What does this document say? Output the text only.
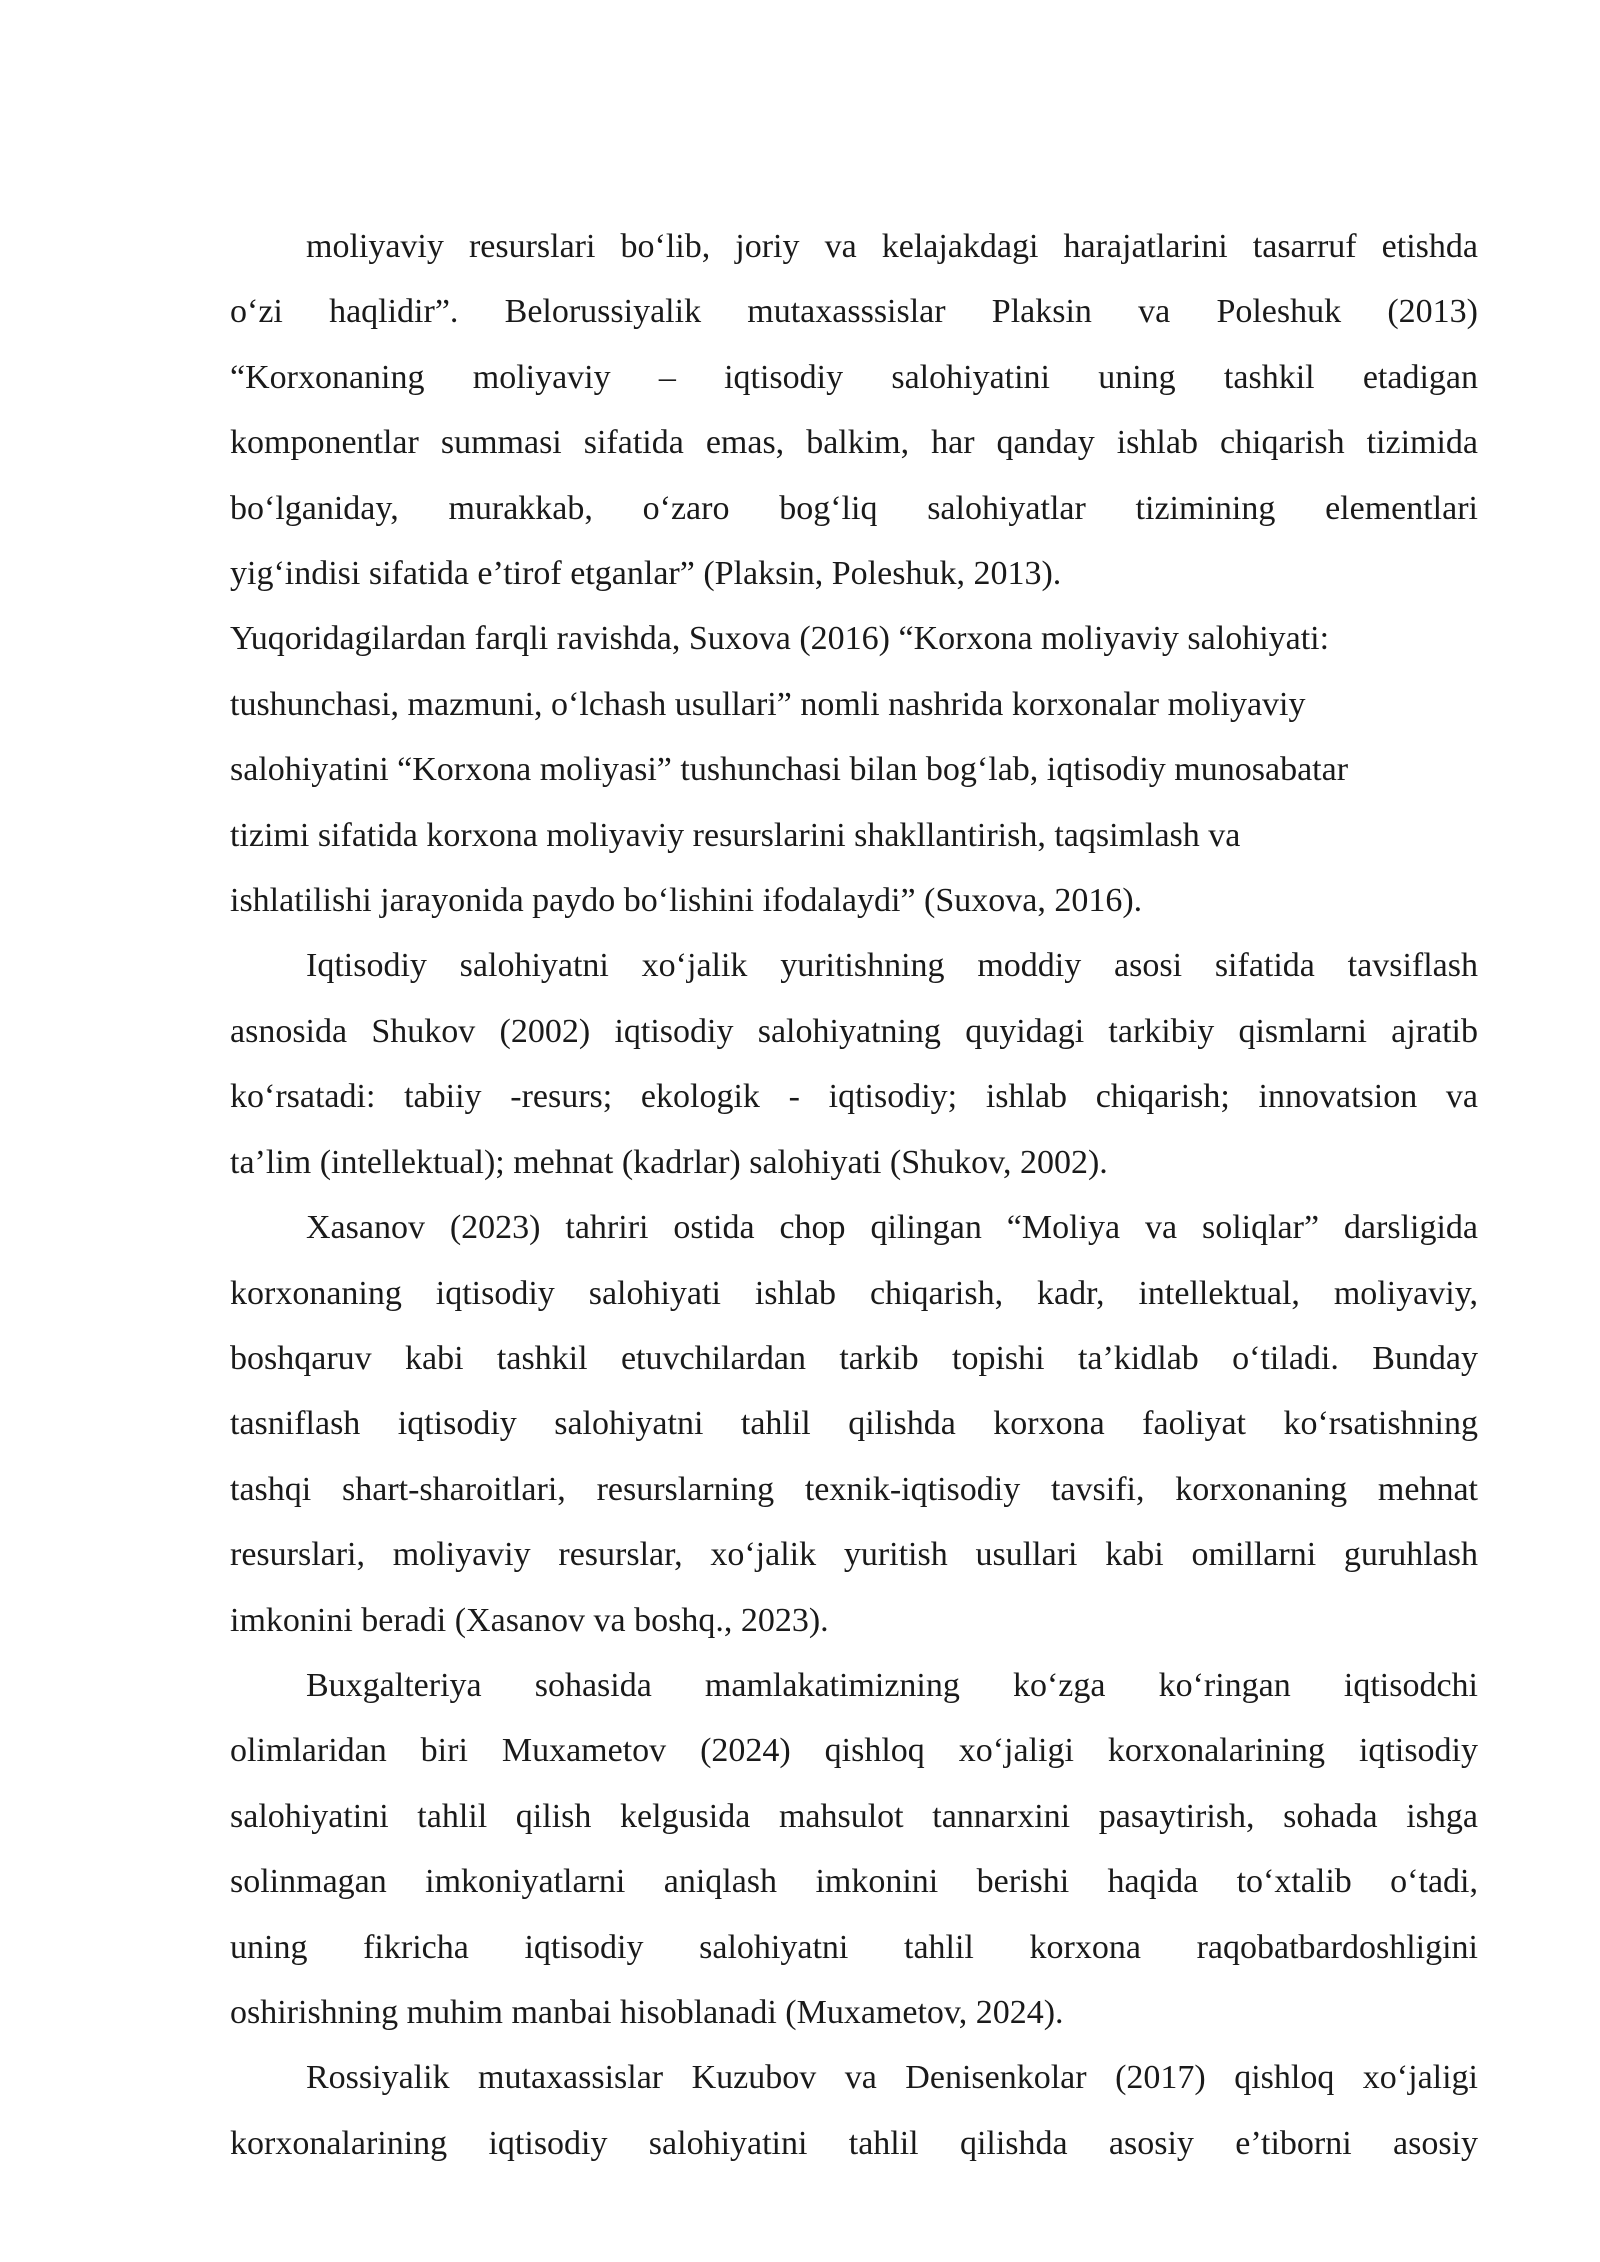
moliyaviy resurslari bo‘lib, joriy va kelajakdagi harajatlarini tasarruf etishda
o‘zi haqlidir”. Belorussiyalik mutaxasssislar Plaksin va Poleshuk (2013)
“Korxonaning moliyaviy – iqtisodiy salohiyatini uning tashkil etadigan
komponentlar summasi sifatida emas, balkim, har qanday ishlab chiqarish tizimida
bo‘lganiday, murakkab, o‘zaro bog‘liq salohiyatlar tizimining elementlari
yig‘indisi sifatida e’tirof etganlar” (Plaksin, Poleshuk, 2013).
Yuqoridagilardan farqli ravishda, Suxova (2016) “Korxona moliyaviy salohiyati:
tushunchasi, mazmuni, o‘lchash usullari” nomli nashrida korxonalar moliyaviy
salohiyatini “Korxona moliyasi” tushunchasi bilan bog‘lab, iqtisodiy munosabatar
tizimi sifatida korxona moliyaviy resurslarini shakllantirish, taqsimlash va
ishlatilishi jarayonida paydo bo‘lishini ifodalaydi” (Suxova, 2016).
Iqtisodiy salohiyatni xo‘jalik yuritishning moddiy asosi sifatida tavsiflash
asnosida Shukov (2002) iqtisodiy salohiyatning quyidagi tarkibiy qismlarni ajratib
ko‘rsatadi: tabiiy -resurs; ekologik - iqtisodiy; ishlab chiqarish; innovatsion va
ta’lim (intellektual); mehnat (kadrlar) salohiyati (Shukov, 2002).
Xasanov (2023) tahriri ostida chop qilingan “Moliya va soliqlar” darsligida
korxonaning iqtisodiy salohiyati ishlab chiqarish, kadr, intellektual, moliyaviy,
boshqaruv kabi tashkil etuvchilardan tarkib topishi ta’kidlab o‘tiladi. Bunday
tasniflash iqtisodiy salohiyatni tahlil qilishda korxona faoliyat ko‘rsatishning
tashqi shart-sharoitlari, resurslarning texnik-iqtisodiy tavsifi, korxonaning mehnat
resurslari, moliyaviy resurslar, xo‘jalik yuritish usullari kabi omillarni guruhlash
imkonini beradi (Xasanov va boshq., 2023).
Buxgalteriya sohasida mamlakatimizning ko‘zga ko‘ringan iqtisodchi
olimlaridan biri Muxametov (2024) qishloq xo‘jaligi korxonalarining iqtisodiy
salohiyatini tahlil qilish kelgusida mahsulot tannarxini pasaytirish, sohada ishga
solinmagan imkoniyatlarni aniqlash imkonini berishi haqida to‘xtalib o‘tadi,
uning fikricha iqtisodiy salohiyatni tahlil korxona raqobatbardoshligini
oshirishning muhim manbai hisoblanadi (Muxametov, 2024).
Rossiyalik mutaxassislar Kuzubov va Denisenkolar (2017) qishloq xo‘jaligi
korxonalarining iqtisodiy salohiyatini tahlil qilishda asosiy e’tiborni asosiy
